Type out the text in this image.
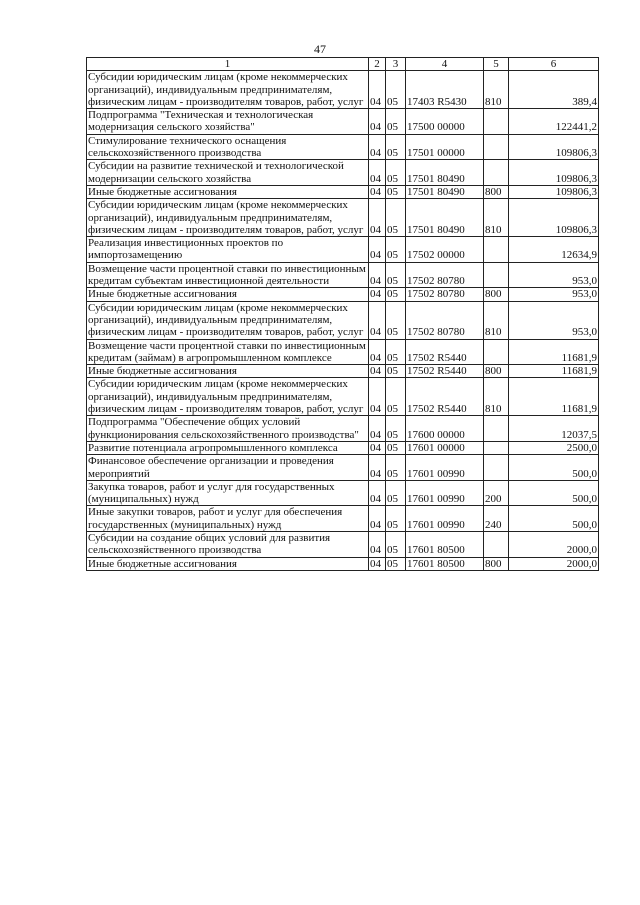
47
1	2	3	4	5	6
Субсидии юридическим лицам (кроме некоммерческих организаций), индивидуальным предпринимателям, физическим лицам - производителям товаров, работ, услуг	04	05	17403 R5430	810	389,4
Подпрограмма "Техническая и технологическая модернизация сельского хозяйства"	04	05	17500 00000		122441,2
Стимулирование технического оснащения сельскохозяйственного производства	04	05	17501 00000		109806,3
Субсидии на развитие технической и технологической модернизации сельского хозяйства	04	05	17501 80490		109806,3
Иные бюджетные ассигнования	04	05	17501 80490	800	109806,3
Субсидии юридическим лицам (кроме некоммерческих организаций), индивидуальным предпринимателям, физическим лицам - производителям товаров, работ, услуг	04	05	17501 80490	810	109806,3
Реализация инвестиционных проектов по импортозамещению	04	05	17502 00000		12634,9
Возмещение части процентной ставки по инвестиционным кредитам субъектам инвестиционной деятельности	04	05	17502 80780		953,0
Иные бюджетные ассигнования	04	05	17502 80780	800	953,0
Субсидии юридическим лицам (кроме некоммерческих организаций), индивидуальным предпринимателям, физическим лицам - производителям товаров, работ, услуг	04	05	17502 80780	810	953,0
Возмещение части процентной ставки по инвестиционным кредитам (займам) в агропромышленном комплексе	04	05	17502 R5440		11681,9
Иные бюджетные ассигнования	04	05	17502 R5440	800	11681,9
Субсидии юридическим лицам (кроме некоммерческих организаций), индивидуальным предпринимателям, физическим лицам - производителям товаров, работ, услуг	04	05	17502 R5440	810	11681,9
Подпрограмма "Обеспечение общих условий функционирования сельскохозяйственного производства"	04	05	17600 00000		12037,5
Развитие потенциала агропромышленного комплекса	04	05	17601 00000		2500,0
Финансовое обеспечение организации и проведения мероприятий	04	05	17601 00990		500,0
Закупка товаров, работ и услуг для государственных (муниципальных) нужд	04	05	17601 00990	200	500,0
Иные закупки товаров, работ и услуг для обеспечения государственных (муниципальных) нужд	04	05	17601 00990	240	500,0
Субсидии на создание общих условий для развития сельскохозяйственного производства	04	05	17601 80500		2000,0
Иные бюджетные ассигнования	04	05	17601 80500	800	2000,0
